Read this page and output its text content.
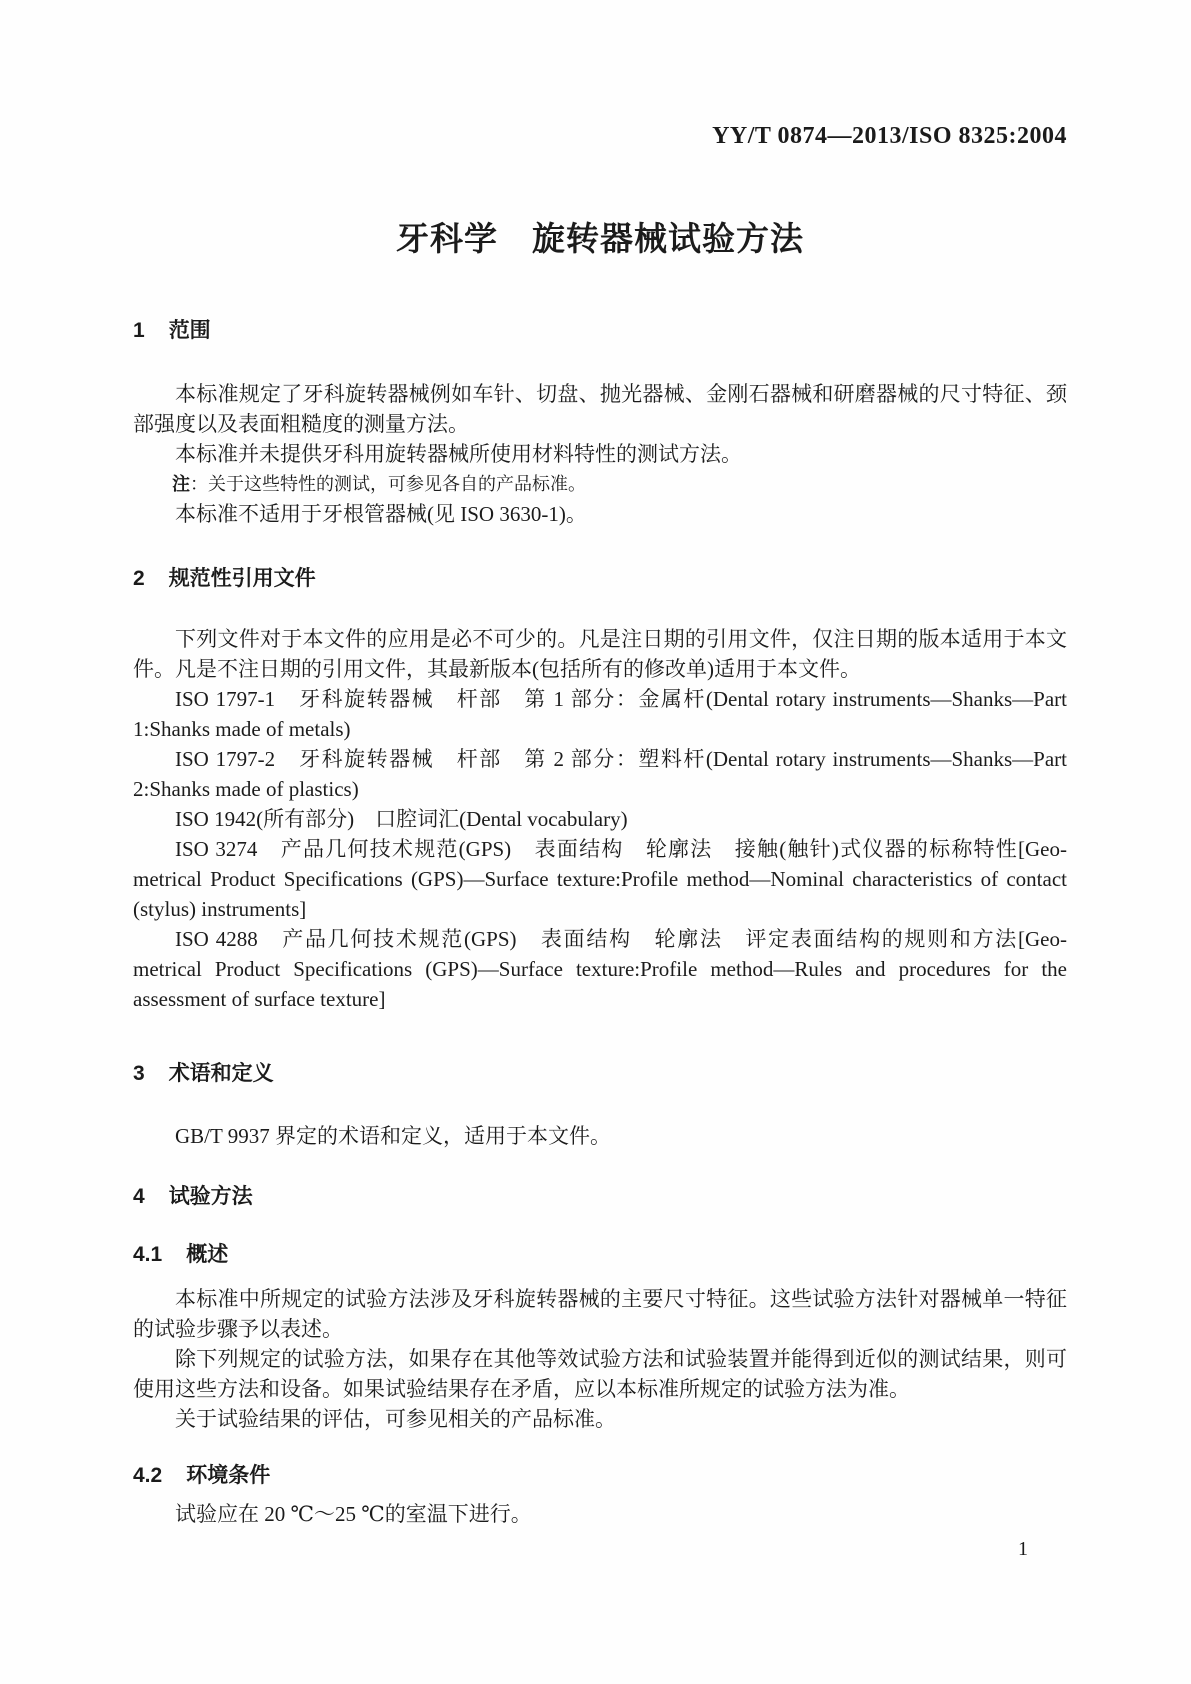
YY/T 0874—2013/ISO 8325:2004
牙科学　旋转器械试验方法
1 范围

本标准规定了牙科旋转器械例如车针、切盘、抛光器械、金刚石器械和研磨器械的尺寸特征、颈部强度以及表面粗糙度的测量方法。

本标准并未提供牙科用旋转器械所使用材料特性的测试方法。

注：关于这些特性的测试，可参见各自的产品标准。

本标准不适用于牙根管器械(见 ISO 3630-1)。

2 规范性引用文件

下列文件对于本文件的应用是必不可少的。凡是注日期的引用文件，仅注日期的版本适用于本文件。凡是不注日期的引用文件，其最新版本(包括所有的修改单)适用于本文件。

ISO 1797-1　牙科旋转器械　杆部　第 1 部分：金属杆(Dental rotary instruments—Shanks—Part 1:Shanks made of metals)

ISO 1797-2　牙科旋转器械　杆部　第 2 部分：塑料杆(Dental rotary instruments—Shanks—Part 2:Shanks made of plastics)

ISO 1942(所有部分)　口腔词汇(Dental vocabulary)

ISO 3274　产品几何技术规范(GPS)　表面结构　轮廓法　接触(触针)式仪器的标称特性[Geo-metrical Product Specifications (GPS)—Surface texture:Profile method—Nominal characteristics of contact (stylus) instruments]

ISO 4288　产品几何技术规范(GPS)　表面结构　轮廓法　评定表面结构的规则和方法[Geo-metrical Product Specifications (GPS)—Surface texture:Profile method—Rules and procedures for the assessment of surface texture]

3 术语和定义

GB/T 9937 界定的术语和定义，适用于本文件。

4 试验方法
4.1 概述

本标准中所规定的试验方法涉及牙科旋转器械的主要尺寸特征。这些试验方法针对器械单一特征的试验步骤予以表述。

除下列规定的试验方法，如果存在其他等效试验方法和试验装置并能得到近似的测试结果，则可使用这些方法和设备。如果试验结果存在矛盾，应以本标准所规定的试验方法为准。

关于试验结果的评估，可参见相关的产品标准。

4.2 环境条件

试验应在 20 ℃～25 ℃的室温下进行。

1
